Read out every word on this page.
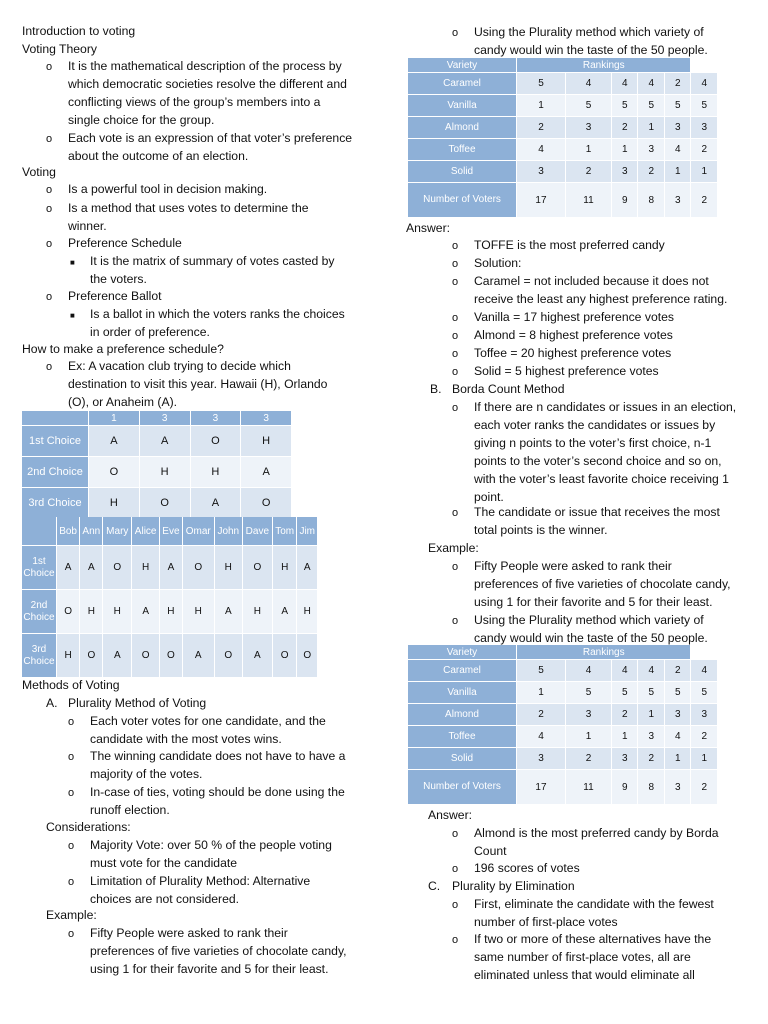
Introduction to voting
Voting Theory
o It is the mathematical description of the process by
which democratic societies resolve the different and
conflicting views of the group’s members into a
single choice for the group.
o Each vote is an expression of that voter’s preference
about the outcome of an election.
Voting
o Is a powerful tool in decision making.
o Is a method that uses votes to determine the
winner.
o Preference Schedule
■ It is the matrix of summary of votes casted by
the voters.
o Preference Ballot
■ Is a ballot in which the voters ranks the choices
in order of preference.
How to make a preference schedule?
o Ex: A vacation club trying to decide which
destination to visit this year. Hawaii (H), Orlando
(O), or Anaheim (A).
	1	3	3	3
1st Choice	A	A	O	H
2nd Choice	O	H	H	A
3rd Choice	H	O	A	O
	Bob	Ann	Mary	Alice	Eve	Omar	John	Dave	Tom	Jim
1st Choice	A	A	O	H	A	O	H	O	H	A
2nd Choice	O	H	H	A	H	H	A	H	A	H
3rd Choice	H	O	A	O	O	A	O	A	O	O
Methods of Voting
A. Plurality Method of Voting
o Each voter votes for one candidate, and the
candidate with the most votes wins.
o The winning candidate does not have to have a
majority of the votes.
o In-case of ties, voting should be done using the
runoff election.
Considerations:
o Majority Vote: over 50 % of the people voting
must vote for the candidate
o Limitation of Plurality Method: Alternative
choices are not considered.
Example:
o Fifty People were asked to rank their
preferences of five varieties of chocolate candy,
using 1 for their favorite and 5 for their least.
o Using the Plurality method which variety of
candy would win the taste of the 50 people.
Variety	Rankings					
Caramel	5	4	4	4	2	4
Vanilla	1	5	5	5	5	5
Almond	2	3	2	1	3	3
Toffee	4	1	1	3	4	2
Solid	3	2	3	2	1	1
Number of Voters	17	11	9	8	3	2
Answer:
o TOFFE is the most preferred candy
o Solution:
o Caramel = not included because it does not
receive the least any highest preference rating.
o Vanilla = 17 highest preference votes
o Almond = 8 highest preference votes
o Toffee = 20 highest preference votes
o Solid = 5 highest preference votes
B. Borda Count Method
o If there are n candidates or issues in an election,
each voter ranks the candidates or issues by
giving n points to the voter’s first choice, n-1
points to the voter’s second choice and so on,
with the voter’s least favorite choice receiving 1
point.
o The candidate or issue that receives the most
total points is the winner.
Example:
o Fifty People were asked to rank their
preferences of five varieties of chocolate candy,
using 1 for their favorite and 5 for their least.
o Using the Plurality method which variety of
candy would win the taste of the 50 people.
Variety	Rankings					
Caramel	5	4	4	4	2	4
Vanilla	1	5	5	5	5	5
Almond	2	3	2	1	3	3
Toffee	4	1	1	3	4	2
Solid	3	2	3	2	1	1
Number of Voters	17	11	9	8	3	2
Answer:
o Almond is the most preferred candy by Borda
Count
o 196 scores of votes
C. Plurality by Elimination
o First, eliminate the candidate with the fewest
number of first-place votes
o If two or more of these alternatives have the
same number of first-place votes, all are
eliminated unless that would eliminate all
